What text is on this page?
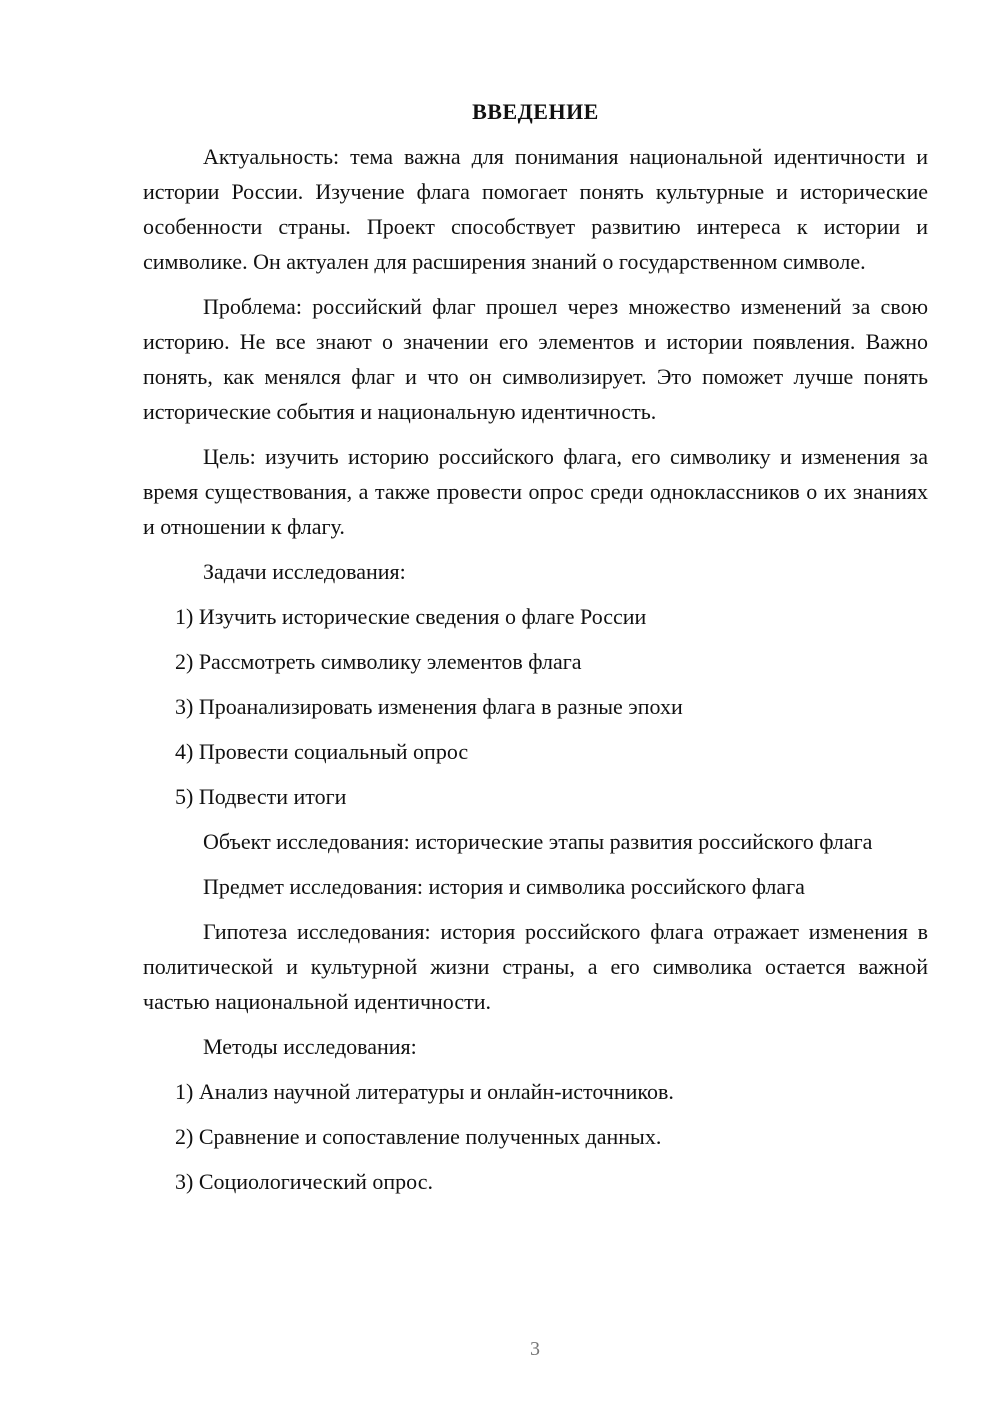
ВВЕДЕНИЕ

Актуальность: тема важна для понимания национальной идентичности и истории России. Изучение флага помогает понять культурные и исторические особенности страны. Проект способствует развитию интереса к истории и символике. Он актуален для расширения знаний о государственном символе.

Проблема: российский флаг прошел через множество изменений за свою историю. Не все знают о значении его элементов и истории появления. Важно понять, как менялся флаг и что он символизирует. Это поможет лучше понять исторические события и национальную идентичность.

Цель: изучить историю российского флага, его символику и изменения за время существования, а также провести опрос среди одноклассников о их знаниях и отношении к флагу.

Задачи исследования:
1) Изучить исторические сведения о флаге России
2) Рассмотреть символику элементов флага
3) Проанализировать изменения флага в разные эпохи
4) Провести социальный опрос
5) Подвести итоги

Объект исследования: исторические этапы развития российского флага

Предмет исследования: история и символика российского флага

Гипотеза исследования: история российского флага отражает изменения в политической и культурной жизни страны, а его символика остается важной частью национальной идентичности.

Методы исследования:
1) Анализ научной литературы и онлайн-источников.
2) Сравнение и сопоставление полученных данных.
3) Социологический опрос.
3
